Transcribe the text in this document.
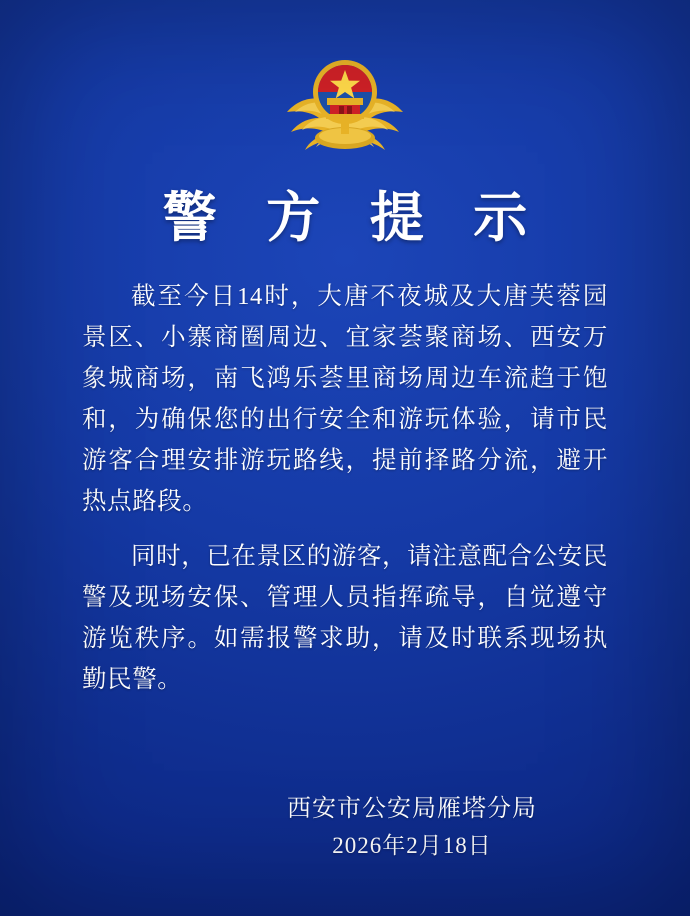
警 方 提 示

截至今日14时，大唐不夜城及大唐芙蓉园景区、小寨商圈周边、宜家荟聚商场、西安万象城商场，南飞鸿乐荟里商场周边车流趋于饱和，为确保您的出行安全和游玩体验，请市民游客合理安排游玩路线，提前择路分流，避开热点路段。

同时，已在景区的游客，请注意配合公安民警及现场安保、管理人员指挥疏导，自觉遵守游览秩序。如需报警求助，请及时联系现场执勤民警。

西安市公安局雁塔分局
2026年2月18日
